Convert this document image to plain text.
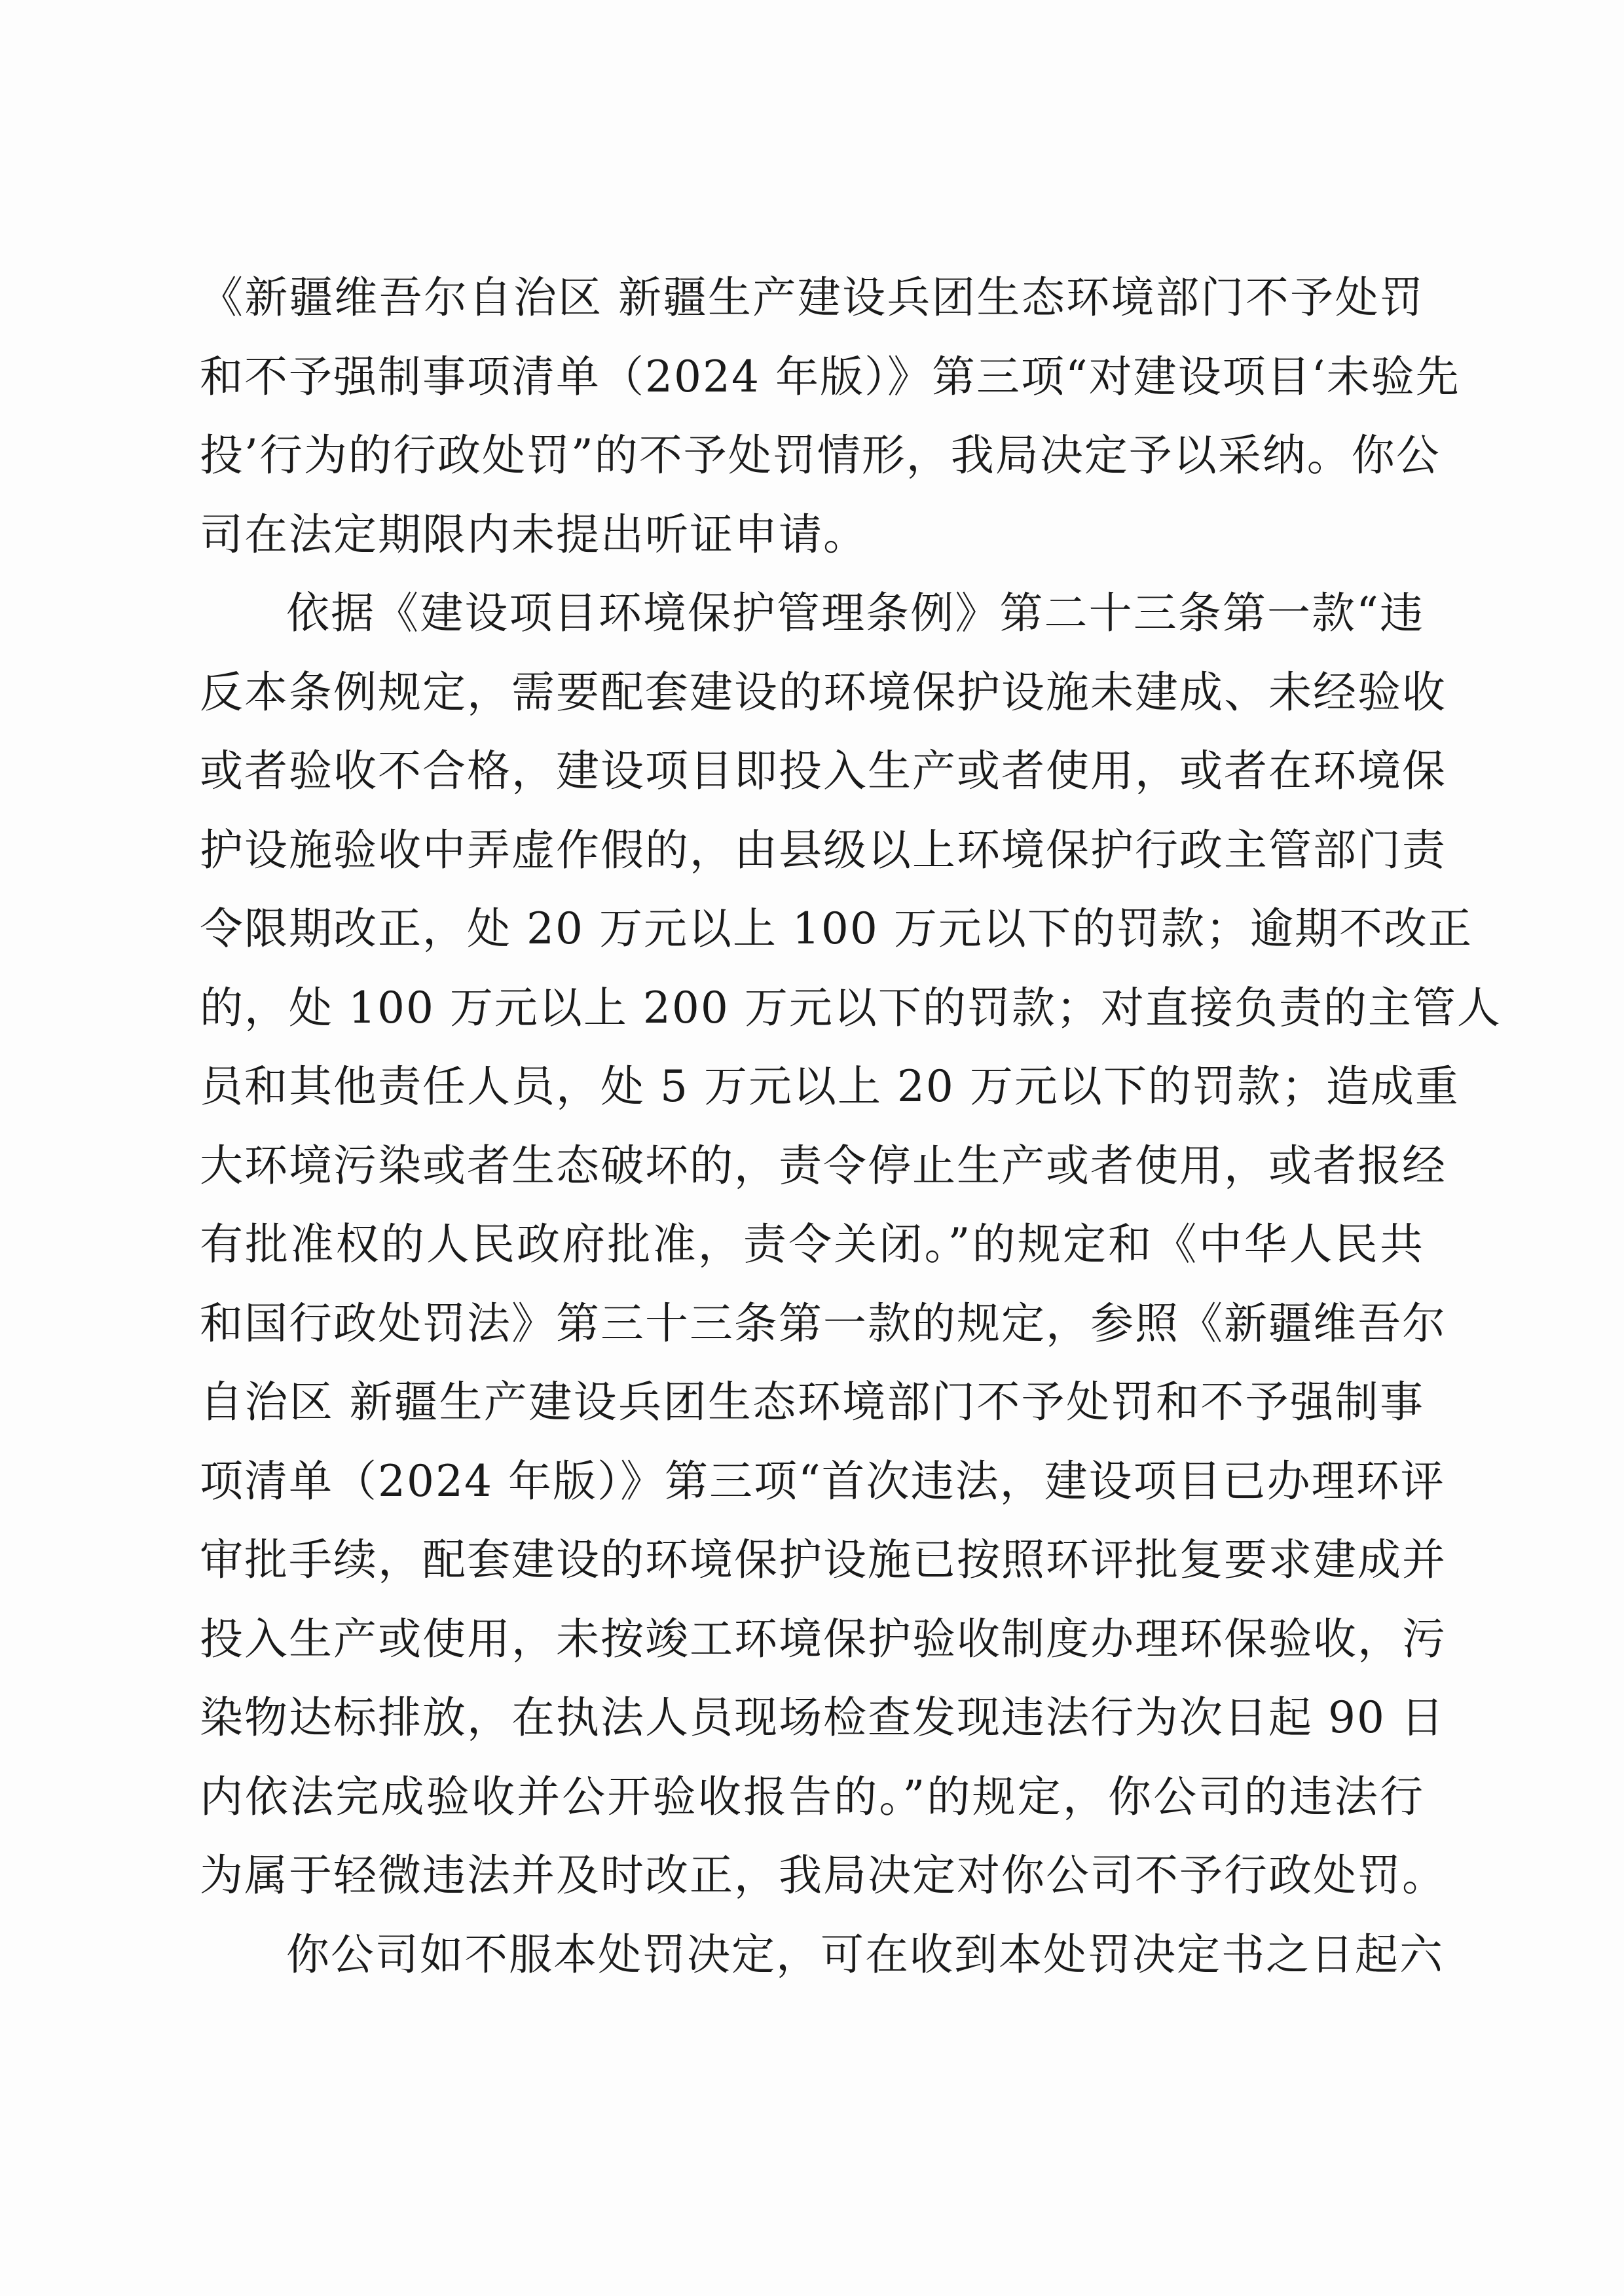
《新疆维吾尔自治区 新疆生产建设兵团生态环境部门不予处罚
和不予强制事项清单（2024 年版）》第三项“对建设项目‘未验先
投’行为的行政处罚”的不予处罚情形，我局决定予以采纳。你公
司在法定期限内未提出听证申请。

依据《建设项目环境保护管理条例》第二十三条第一款“违
反本条例规定，需要配套建设的环境保护设施未建成、未经验收
或者验收不合格，建设项目即投入生产或者使用，或者在环境保
护设施验收中弄虚作假的，由县级以上环境保护行政主管部门责
令限期改正，处 20 万元以上 100 万元以下的罚款；逾期不改正
的，处 100 万元以上 200 万元以下的罚款；对直接负责的主管人
员和其他责任人员，处 5 万元以上 20 万元以下的罚款；造成重
大环境污染或者生态破坏的，责令停止生产或者使用，或者报经
有批准权的人民政府批准，责令关闭。”的规定和《中华人民共
和国行政处罚法》第三十三条第一款的规定，参照《新疆维吾尔
自治区 新疆生产建设兵团生态环境部门不予处罚和不予强制事
项清单（2024 年版）》第三项“首次违法，建设项目已办理环评
审批手续，配套建设的环境保护设施已按照环评批复要求建成并
投入生产或使用，未按竣工环境保护验收制度办理环保验收，污
染物达标排放，在执法人员现场检查发现违法行为次日起 90 日
内依法完成验收并公开验收报告的。”的规定，你公司的违法行
为属于轻微违法并及时改正，我局决定对你公司不予行政处罚。

你公司如不服本处罚决定，可在收到本处罚决定书之日起六
